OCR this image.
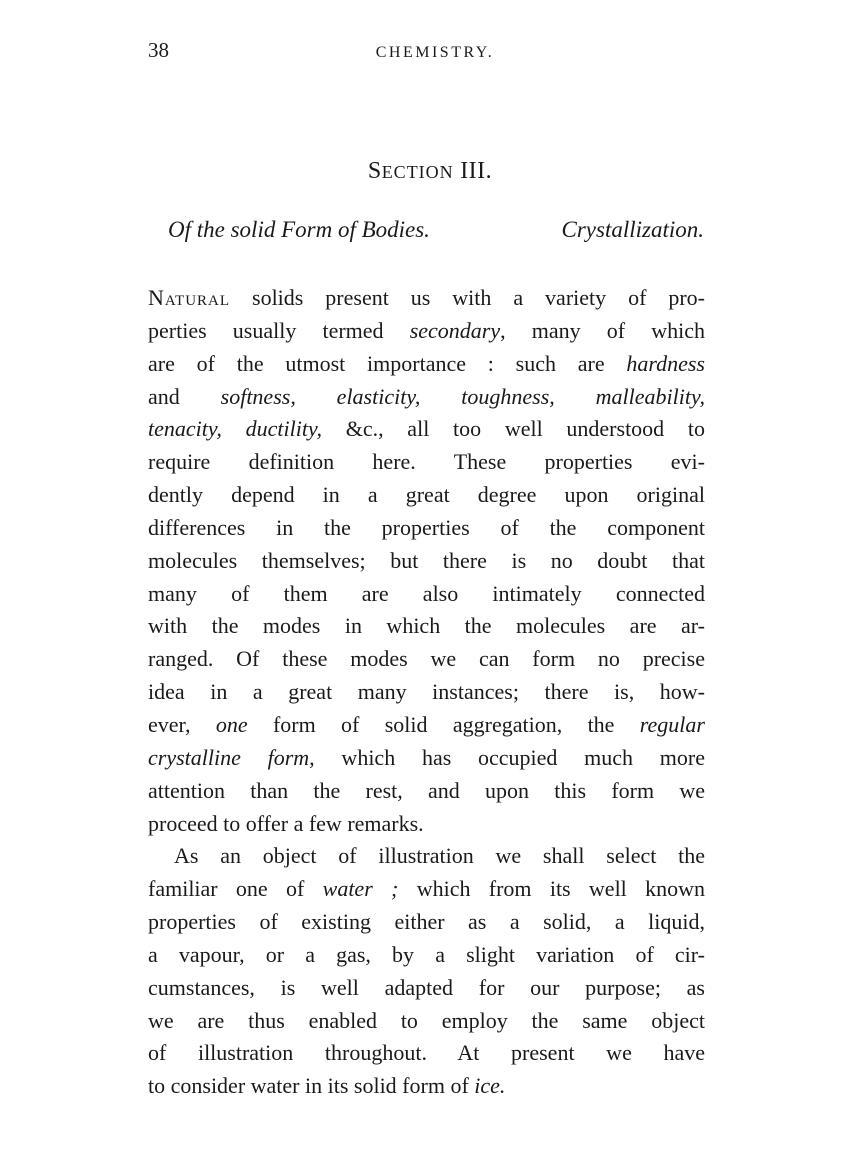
38	CHEMISTRY.
SECTION III.
Of the solid Form of Bodies.	Crystallization.
Natural solids present us with a variety of pro-
perties usually termed secondary, many of which
are of the utmost importance : such are hardness
and softness, elasticity, toughness, malleability,
tenacity, ductility, &c., all too well understood to
require definition here. These properties evi-
dently depend in a great degree upon original
differences in the properties of the component
molecules themselves; but there is no doubt that
many of them are also intimately connected
with the modes in which the molecules are ar-
ranged. Of these modes we can form no precise
idea in a great many instances; there is, how-
ever, one form of solid aggregation, the regular
crystalline form, which has occupied much more
attention than the rest, and upon this form we
proceed to offer a few remarks.
As an object of illustration we shall select the
familiar one of water ; which from its well known
properties of existing either as a solid, a liquid,
a vapour, or a gas, by a slight variation of cir-
cumstances, is well adapted for our purpose; as
we are thus enabled to employ the same object
of illustration throughout. At present we have
to consider water in its solid form of ice.
